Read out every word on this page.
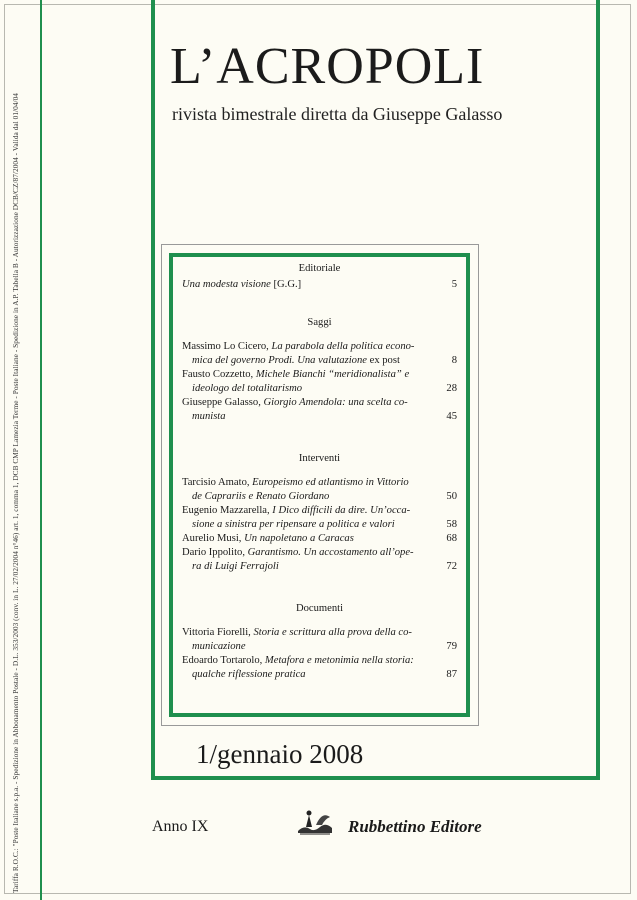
Tariffa R.O.C.: "Poste Italiane s.p.a. - Spedizione in Abbonamento Postale - D.L. 353/2003 (conv. in L. 27/02/2004 n°46) art. 1, comma 1, DCB CMP Lamezia Terme - Poste Italiane - Spedizione in A.P. Tabella B - Autorizzazione DCB/CZ/87/2004 - Valida dal 01/04/04
L’ACROPOLI
rivista bimestrale diretta da Giuseppe Galasso

Editoriale

Una modesta visione [G.G.]	5

Saggi

Massimo Lo Cicero, La parabola della politica econo-
mica del governo Prodi. Una valutazione ex post	8
Fausto Cozzetto, Michele Bianchi “meridionalista” e
ideologo del totalitarismo	28
Giuseppe Galasso, Giorgio Amendola: una scelta co-
munista	45

Interventi

Tarcisio Amato, Europeismo ed atlantismo in Vittorio
de Caprariis e Renato Giordano	50
Eugenio Mazzarella, I Dico difficili da dire. Un’occa-
sione a sinistra per ripensare a politica e valori	58
Aurelio Musi, Un napoletano a Caracas	68
Dario Ippolito, Garantismo. Un accostamento all’ope-
ra di Luigi Ferrajoli	72

Documenti

Vittoria Fiorelli, Storia e scrittura alla prova della co-
municazione	79
Edoardo Tortarolo, Metafora e metonimia nella storia:
qualche riflessione pratica	87
1/gennaio 2008
Anno IX	Rubbettino Editore
